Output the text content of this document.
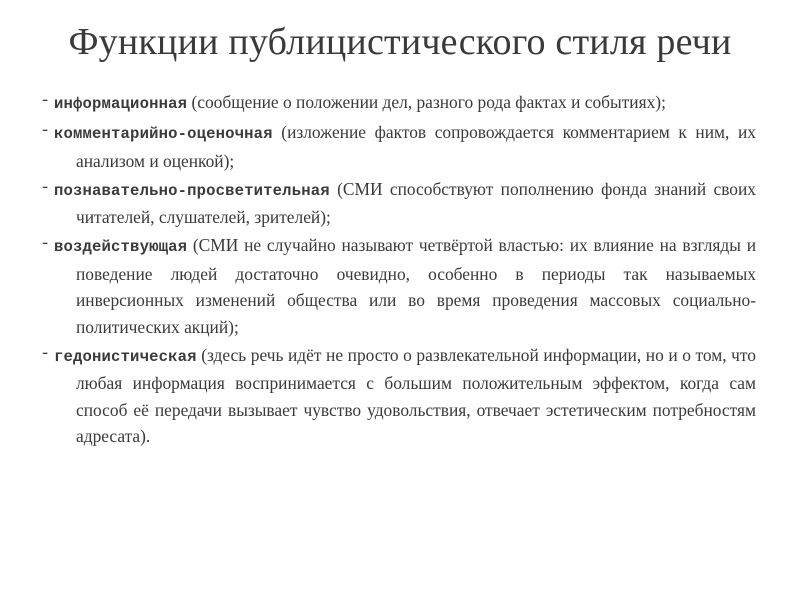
Функции публицистического стиля речи
- информационная (сообщение о положении дел, разного рода фактах и событиях);
- комментарийно-оценочная (изложение фактов сопровождается комментарием к ним, их анализом и оценкой);
- познавательно-просветительная (СМИ способствуют пополнению фонда знаний своих читателей, слушателей, зрителей);
- воздействующая (СМИ не случайно называют четвёртой властью: их влияние на взгляды и поведение людей достаточно очевидно, особенно в периоды так называемых инверсионных изменений общества или во время проведения массовых социально-политических акций);
- гедонистическая (здесь речь идёт не просто о развлекательной информации, но и о том, что любая информация воспринимается с большим положительным эффектом, когда сам способ её передачи вызывает чувство удовольствия, отвечает эстетическим потребностям адресата).
